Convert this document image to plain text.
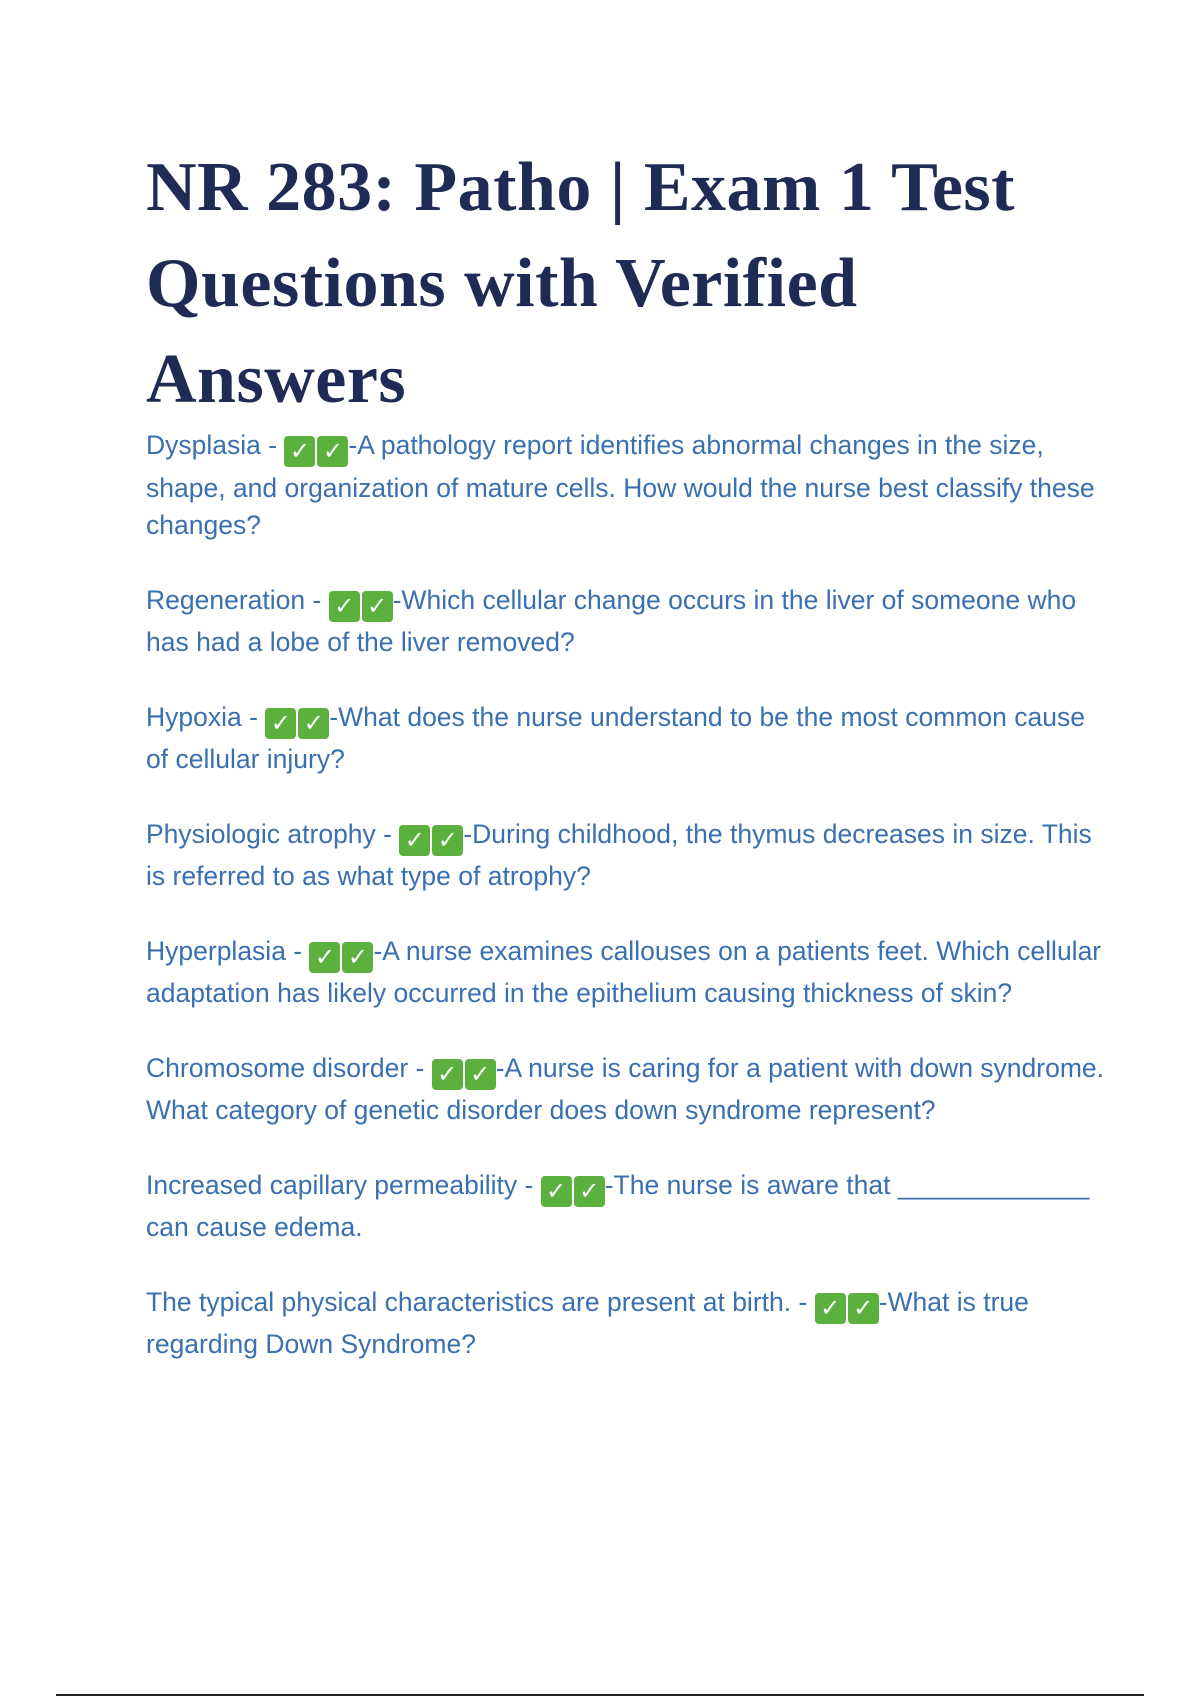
NR 283: Patho | Exam 1 Test Questions with Verified Answers
Dysplasia - ✓ ✓ -A pathology report identifies abnormal changes in the size, shape, and organization of mature cells. How would the nurse best classify these changes?
Regeneration - ✓ ✓ -Which cellular change occurs in the liver of someone who has had a lobe of the liver removed?
Hypoxia - ✓ ✓ -What does the nurse understand to be the most common cause of cellular injury?
Physiologic atrophy - ✓ ✓ -During childhood, the thymus decreases in size. This is referred to as what type of atrophy?
Hyperplasia - ✓ ✓ -A nurse examines callouses on a patients feet. Which cellular adaptation has likely occurred in the epithelium causing thickness of skin?
Chromosome disorder - ✓ ✓ -A nurse is caring for a patient with down syndrome. What category of genetic disorder does down syndrome represent?
Increased capillary permeability - ✓ ✓ -The nurse is aware that _____________ can cause edema.
The typical physical characteristics are present at birth. - ✓ ✓ -What is true regarding Down Syndrome?
